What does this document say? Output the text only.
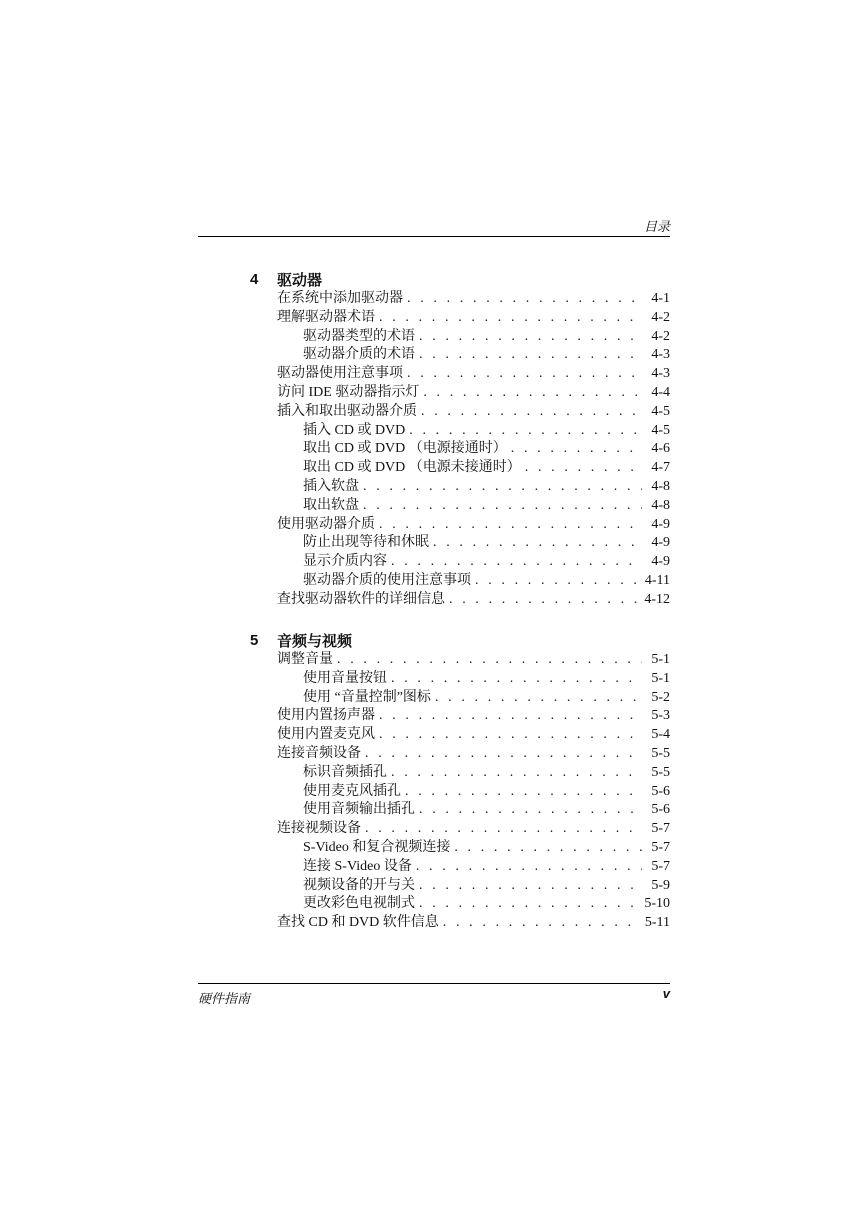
目录
4	驱动器
在系统中添加驱动器 . . .	4-1
理解驱动器术语 . . .	4-2
驱动器类型的术语 . . .	4-2
驱动器介质的术语 . . .	4-3
驱动器使用注意事项 . . .	4-3
访问 IDE 驱动器指示灯 . . .	4-4
插入和取出驱动器介质 . . .	4-5
插入 CD 或 DVD . . .	4-5
取出 CD 或 DVD （电源接通时） . . .	4-6
取出 CD 或 DVD （电源未接通时） . . .	4-7
插入软盘 . . .	4-8
取出软盘 . . .	4-8
使用驱动器介质 . . .	4-9
防止出现等待和休眠 . . .	4-9
显示介质内容 . . .	4-9
驱动器介质的使用注意事项 . . .	4-11
查找驱动器软件的详细信息 . . .	4-12
5	音频与视频
调整音量 . . .	5-1
使用音量按钮 . . .	5-1
使用 “音量控制”图标 . . .	5-2
使用内置扬声器 . . .	5-3
使用内置麦克风 . . .	5-4
连接音频设备 . . .	5-5
标识音频插孔 . . .	5-5
使用麦克风插孔 . . .	5-6
使用音频输出插孔 . . .	5-6
连接视频设备 . . .	5-7
S-Video 和复合视频连接 . . .	5-7
连接 S-Video 设备 . . .	5-7
视频设备的开与关 . . .	5-9
更改彩色电视制式 . . .	5-10
查找 CD 和 DVD 软件信息 . . .	5-11
硬件指南	v
